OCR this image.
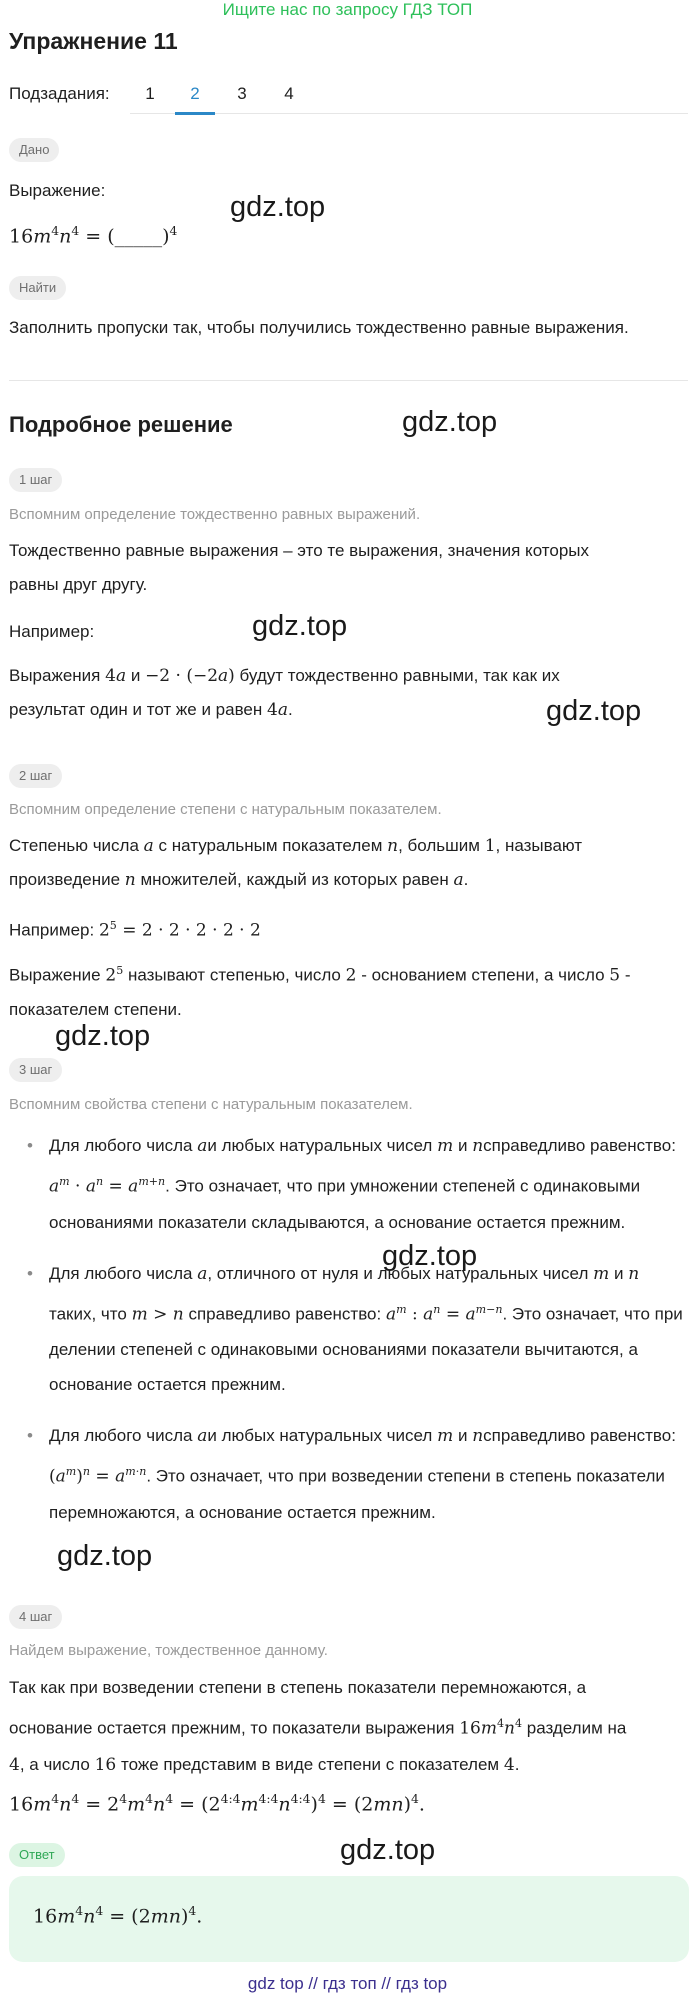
Ищите нас по запросу ГДЗ ТОП
Упражнение 11
Подзадания:	1	2	3	4
Дано
Выражение:
$16m^4n^4$ = (_____)$^4$
Найти
Заполнить пропуски так, чтобы получились тождественно равные выражения.
Подробное решение
1 шаг
Вспомним определение тождественно равных выражений.
Тождественно равные выражения – это те выражения, значения которых
равны друг другу.
Например:
Выражения 4a и −2 · (−2a) будут тождественно равными, так как их
результат один и тот же и равен 4a.
2 шаг
Вспомним определение степени с натуральным показателем.
Степенью числа a с натуральным показателем n, большим 1, называют
произведение n множителей, каждый из которых равен a.
Например: $2^5 = 2 \cdot 2 \cdot 2 \cdot 2 \cdot 2$
Выражение $2^5$ называют степенью, число 2 - основанием степени, а число 5 -
показателем степени.
3 шаг
Вспомним свойства степени с натуральным показателем.
• Для любого числа aи любых натуральных чисел m и nсправедливо равенство: $a^m \cdot a^n = a^{m+n}$. Это означает, что при умножении степеней с одинаковыми основаниями показатели складываются, а основание остается прежним.
• Для любого числа a, отличного от нуля и любых натуральных чисел m и n таких, что m > n справедливо равенство: $a^m$ : $a^n = a^{m-n}$. Это означает, что при делении степеней с одинаковыми основаниями показатели вычитаются, а основание остается прежним.
• Для любого числа aи любых натуральных чисел m и nсправедливо равенство: $(a^m)^n = a^{m\cdot n}$. Это означает, что при возведении степени в степень показатели перемножаются, а основание остается прежним.
4 шаг
Найдем выражение, тождественное данному.
Так как при возведении степени в степень показатели перемножаются, а
основание остается прежним, то показатели выражения $16m^4n^4$ разделим на
4, а число 16 тоже представим в виде степени с показателем 4.
$16m^4n^4 = 2^4m^4n^4 = (2^{4:4}m^{4:4}n^{4:4})^4 = (2mn)^4$.
Ответ
$16m^4n^4 = (2mn)^4$.
gdz.top
gdz.top
gdz.top
gdz.top
gdz.top
gdz.top
gdz.top
gdz.top
gdz top // гдз топ // гдз top
